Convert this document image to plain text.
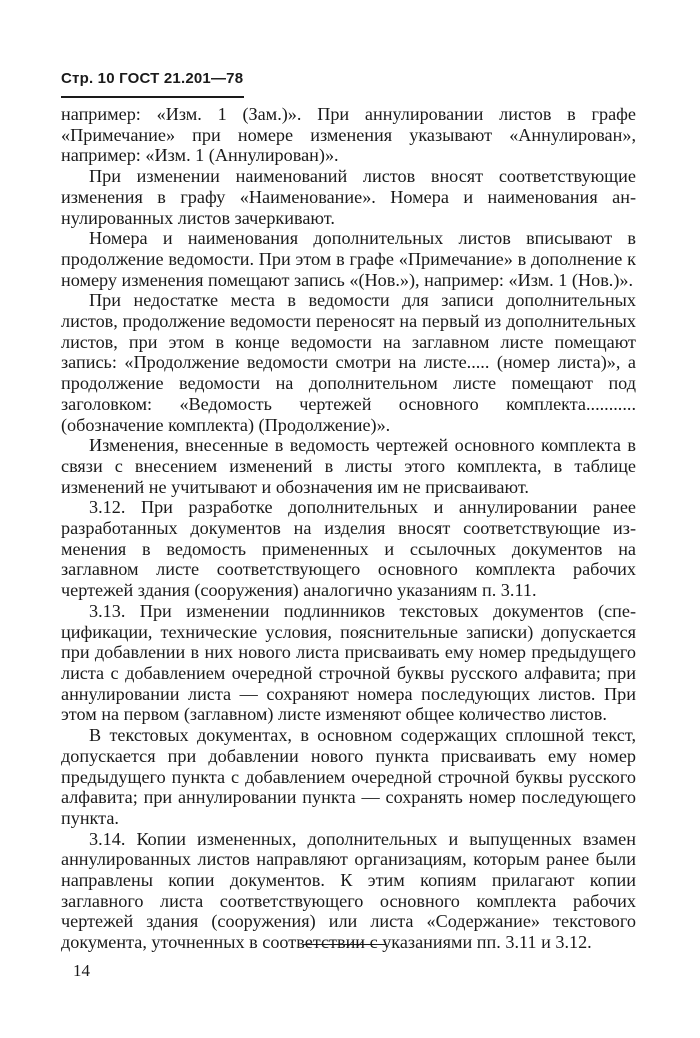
Стр. 10 ГОСТ 21.201—78

например: «Изм. 1 (Зам.)». При аннулировании листов в графе «Примечание» при номере изменения указывают «Аннулирован», например: «Изм. 1 (Аннулирован)».

При изменении наименований листов вносят соответствующие изменения в графу «Наименование». Номера и наименования аннулированных листов зачеркивают.

Номера и наименования дополнительных листов вписывают в продолжение ведомости. При этом в графе «Примечание» в дополнение к номеру изменения помещают запись «(Нов.»), например: «Изм. 1 (Нов.)».

При недостатке места в ведомости для записи дополнительных листов, продолжение ведомости переносят на первый из дополнительных листов, при этом в конце ведомости на заглавном листе помещают запись: «Продолжение ведомости смотри на листе..... (номер листа)», а продолжение ведомости на дополнительном листе помещают под заголовком: «Ведомость чертежей основного комплекта...........(обозначение комплекта) (Продолжение)».

Изменения, внесенные в ведомость чертежей основного комплекта в связи с внесением изменений в листы этого комплекта, в таблице изменений не учитывают и обозначения им не присваивают.

3.12. При разработке дополнительных и аннулировании ранее разработанных документов на изделия вносят соответствующие изменения в ведомость примененных и ссылочных документов на заглавном листе соответствующего основного комплекта рабочих чертежей здания (сооружения) аналогично указаниям п. 3.11.

3.13. При изменении подлинников текстовых документов (спецификации, технические условия, пояснительные записки) допускается при добавлении в них нового листа присваивать ему номер предыдущего листа с добавлением очередной строчной буквы русского алфавита; при аннулировании листа — сохраняют номера последующих листов. При этом на первом (заглавном) листе изменяют общее количество листов.

В текстовых документах, в основном содержащих сплошной текст, допускается при добавлении нового пункта присваивать ему номер предыдущего пункта с добавлением очередной строчной буквы русского алфавита; при аннулировании пункта — сохранять номер последующего пункта.

3.14. Копии измененных, дополнительных и выпущенных взамен аннулированных листов направляют организациям, которым ранее были направлены копии документов. К этим копиям прилагают копии заглавного листа соответствующего основного комплекта рабочих чертежей здания (сооружения) или листа «Содержание» текстового документа, уточненных в соответствии с указаниями пп. 3.11 и 3.12.

14
